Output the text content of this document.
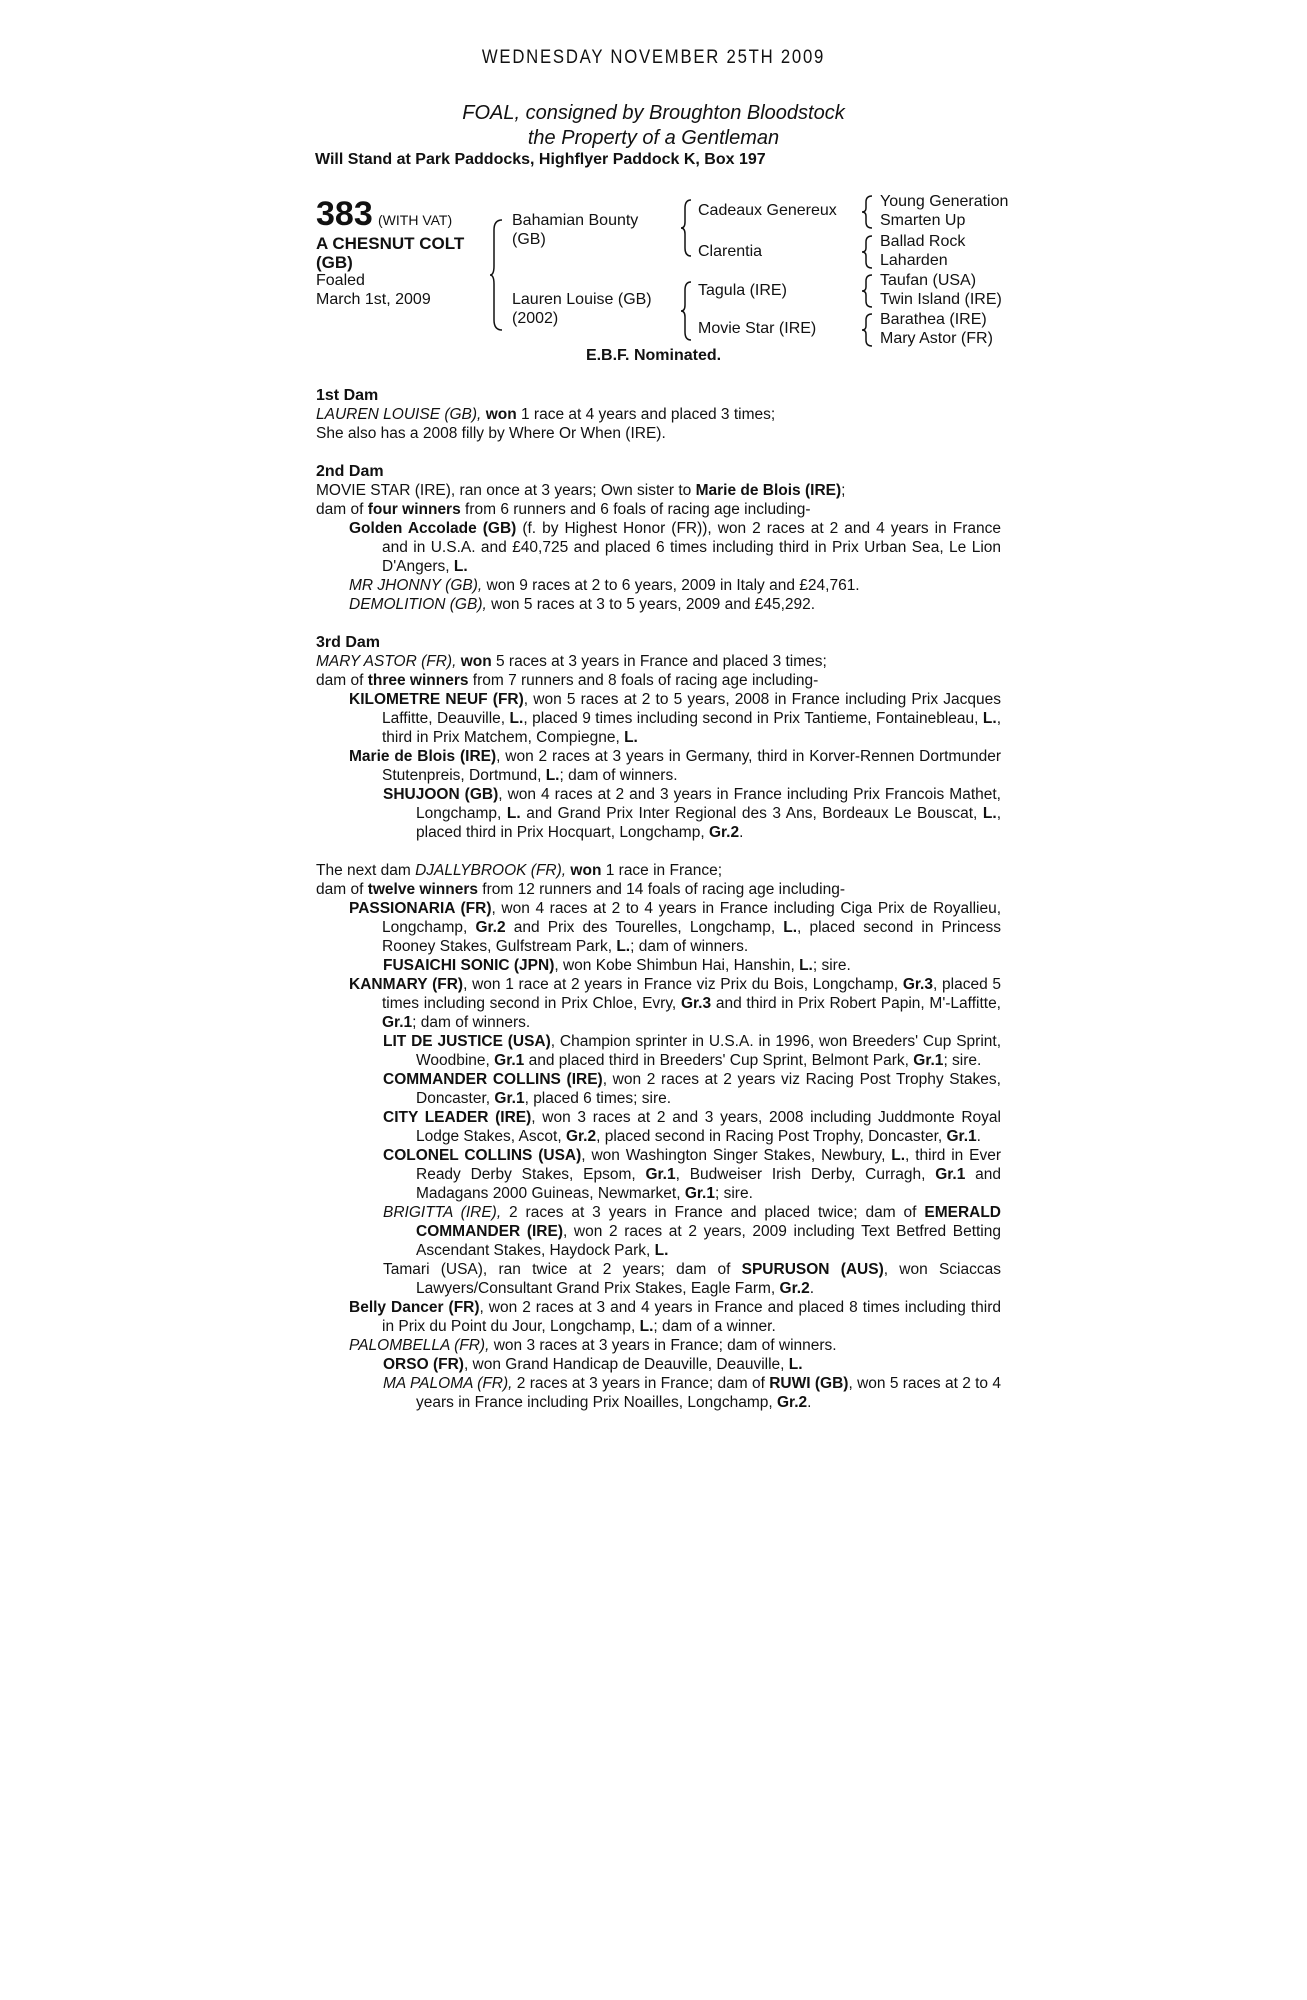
WEDNESDAY NOVEMBER 25TH 2009
FOAL, consigned by Broughton Bloodstock
the Property of a Gentleman
Will Stand at Park Paddocks, Highflyer Paddock K, Box 197
383 (WITH VAT)
A CHESNUT COLT
(GB)
Foaled
March 1st, 2009
Bahamian Bounty
(GB)
Lauren Louise (GB)
(2002)
Cadeaux Genereux
Clarentia
Tagula (IRE)
Movie Star (IRE)
Young Generation
Smarten Up
Ballad Rock
Laharden
Taufan (USA)
Twin Island (IRE)
Barathea (IRE)
Mary Astor (FR)
E.B.F. Nominated.

1st Dam

LAUREN LOUISE (GB), won 1 race at 4 years and placed 3 times;

She also has a 2008 filly by Where Or When (IRE).

2nd Dam

MOVIE STAR (IRE), ran once at 3 years; Own sister to Marie de Blois (IRE);

dam of four winners from 6 runners and 6 foals of racing age including-

Golden Accolade (GB) (f. by Highest Honor (FR)), won 2 races at 2 and 4 years in France and in U.S.A. and £40,725 and placed 6 times including third in Prix Urban Sea, Le Lion D'Angers, L.

MR JHONNY (GB), won 9 races at 2 to 6 years, 2009 in Italy and £24,761.

DEMOLITION (GB), won 5 races at 3 to 5 years, 2009 and £45,292.

3rd Dam

MARY ASTOR (FR), won 5 races at 3 years in France and placed 3 times;

dam of three winners from 7 runners and 8 foals of racing age including-

KILOMETRE NEUF (FR), won 5 races at 2 to 5 years, 2008 in France including Prix Jacques Laffitte, Deauville, L., placed 9 times including second in Prix Tantieme, Fontainebleau, L., third in Prix Matchem, Compiegne, L.

Marie de Blois (IRE), won 2 races at 3 years in Germany, third in Korver-Rennen Dortmunder Stutenpreis, Dortmund, L.; dam of winners.

SHUJOON (GB), won 4 races at 2 and 3 years in France including Prix Francois Mathet, Longchamp, L. and Grand Prix Inter Regional des 3 Ans, Bordeaux Le Bouscat, L., placed third in Prix Hocquart, Longchamp, Gr.2.

The next dam DJALLYBROOK (FR), won 1 race in France;

dam of twelve winners from 12 runners and 14 foals of racing age including-

PASSIONARIA (FR), won 4 races at 2 to 4 years in France including Ciga Prix de Royallieu, Longchamp, Gr.2 and Prix des Tourelles, Longchamp, L., placed second in Princess Rooney Stakes, Gulfstream Park, L.; dam of winners.

FUSAICHI SONIC (JPN), won Kobe Shimbun Hai, Hanshin, L.; sire.

KANMARY (FR), won 1 race at 2 years in France viz Prix du Bois, Longchamp, Gr.3, placed 5 times including second in Prix Chloe, Evry, Gr.3 and third in Prix Robert Papin, M'-Laffitte, Gr.1; dam of winners.

LIT DE JUSTICE (USA), Champion sprinter in U.S.A. in 1996, won Breeders' Cup Sprint, Woodbine, Gr.1 and placed third in Breeders' Cup Sprint, Belmont Park, Gr.1; sire.

COMMANDER COLLINS (IRE), won 2 races at 2 years viz Racing Post Trophy Stakes, Doncaster, Gr.1, placed 6 times; sire.

CITY LEADER (IRE), won 3 races at 2 and 3 years, 2008 including Juddmonte Royal Lodge Stakes, Ascot, Gr.2, placed second in Racing Post Trophy, Doncaster, Gr.1.

COLONEL COLLINS (USA), won Washington Singer Stakes, Newbury, L., third in Ever Ready Derby Stakes, Epsom, Gr.1, Budweiser Irish Derby, Curragh, Gr.1 and Madagans 2000 Guineas, Newmarket, Gr.1; sire.

BRIGITTA (IRE), 2 races at 3 years in France and placed twice; dam of EMERALD COMMANDER (IRE), won 2 races at 2 years, 2009 including Text Betfred Betting Ascendant Stakes, Haydock Park, L.

Tamari (USA), ran twice at 2 years; dam of SPURUSON (AUS), won Sciaccas Lawyers/Consultant Grand Prix Stakes, Eagle Farm, Gr.2.

Belly Dancer (FR), won 2 races at 3 and 4 years in France and placed 8 times including third in Prix du Point du Jour, Longchamp, L.; dam of a winner.

PALOMBELLA (FR), won 3 races at 3 years in France; dam of winners.

ORSO (FR), won Grand Handicap de Deauville, Deauville, L.

MA PALOMA (FR), 2 races at 3 years in France; dam of RUWI (GB), won 5 races at 2 to 4 years in France including Prix Noailles, Longchamp, Gr.2.
